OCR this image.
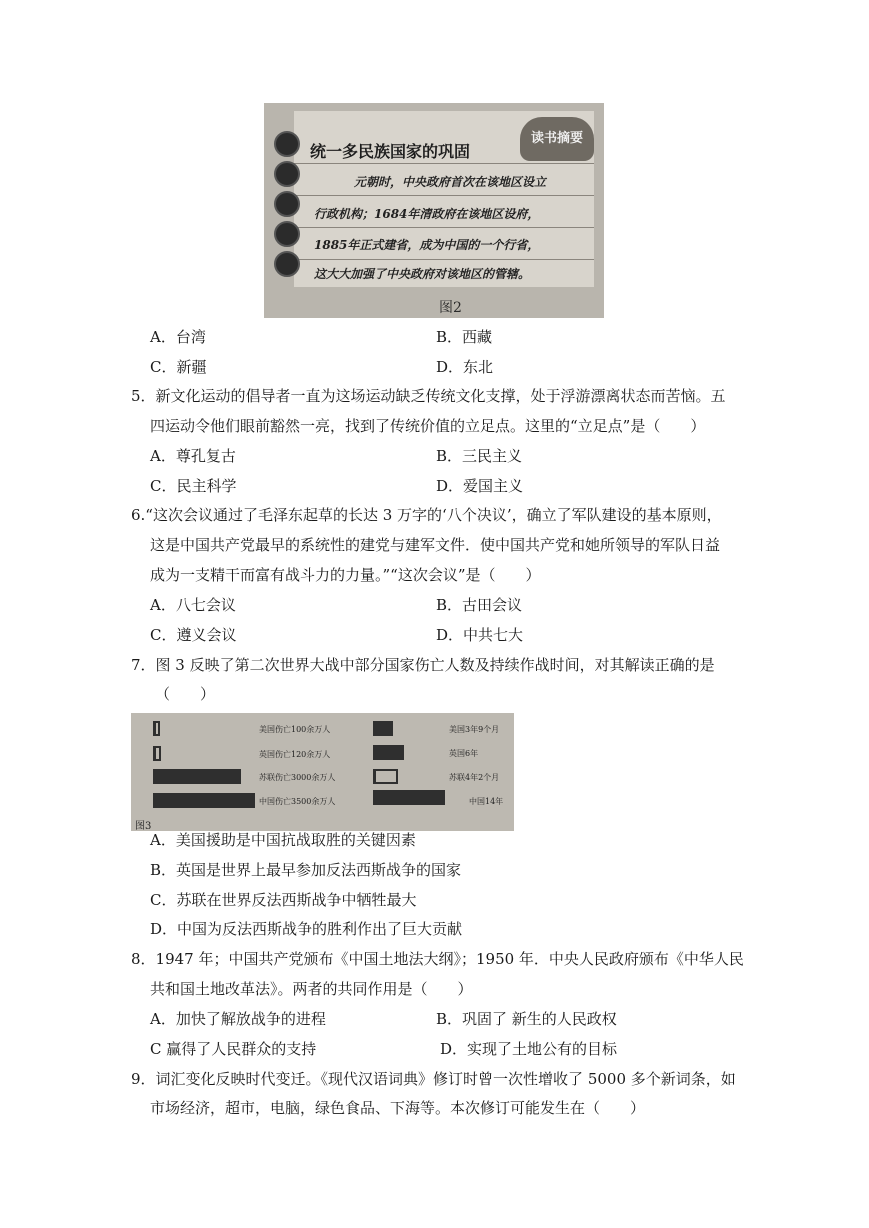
统一多民族国家的巩固
读书摘要
元朝时，中央政府首次在该地区设立
行政机构；1684年清政府在该地区设府，
1885年正式建省，成为中国的一个行省，
这大大加强了中央政府对该地区的管辖。
图2
A．台湾	B．西藏
C．新疆	D．东北
5．新文化运动的倡导者一直为这场运动缺乏传统文化支撑，处于浮游漂离状态而苦恼。五
四运动令他们眼前豁然一亮，找到了传统价值的立足点。这里的“立足点”是（　　）
A．尊孔复古	B．三民主义
C．民主科学	D．爱国主义
6.“这次会议通过了毛泽东起草的长达 3 万字的‘八个决议’，确立了军队建设的基本原则，
这是中国共产党最早的系统性的建党与建军文件．使中国共产党和她所领导的军队日益
成为一支精干而富有战斗力的力量。”“这次会议”是（　　）
A．八七会议	B．古田会议
C．遵义会议	D．中共七大
7．图 3 反映了第二次世界大战中部分国家伤亡人数及持续作战时间，对其解读正确的是
（　　）
美国伤亡100余万人
英国伤亡120余万人
苏联伤亡3000余万人
中国伤亡3500余万人
美国3年9个月
英国6年
苏联4年2个月
中国14年
图3
A．美国援助是中国抗战取胜的关键因素
B．英国是世界上最早参加反法西斯战争的国家
C．苏联在世界反法西斯战争中牺牲最大
D．中国为反法西斯战争的胜利作出了巨大贡献
8．1947 年；中国共产党颁布《中国土地法大纲》；1950 年．中央人民政府颁布《中华人民
共和国土地改革法》。两者的共同作用是（　　）
A．加快了解放战争的进程	B．巩固了 新生的人民政权
C 赢得了人民群众的支持	D．实现了土地公有的目标
9．词汇变化反映时代变迁。《现代汉语词典》修订时曾一次性增收了 5000 多个新词条，如
市场经济，超市，电脑，绿色食品、下海等。本次修订可能发生在（　　）
